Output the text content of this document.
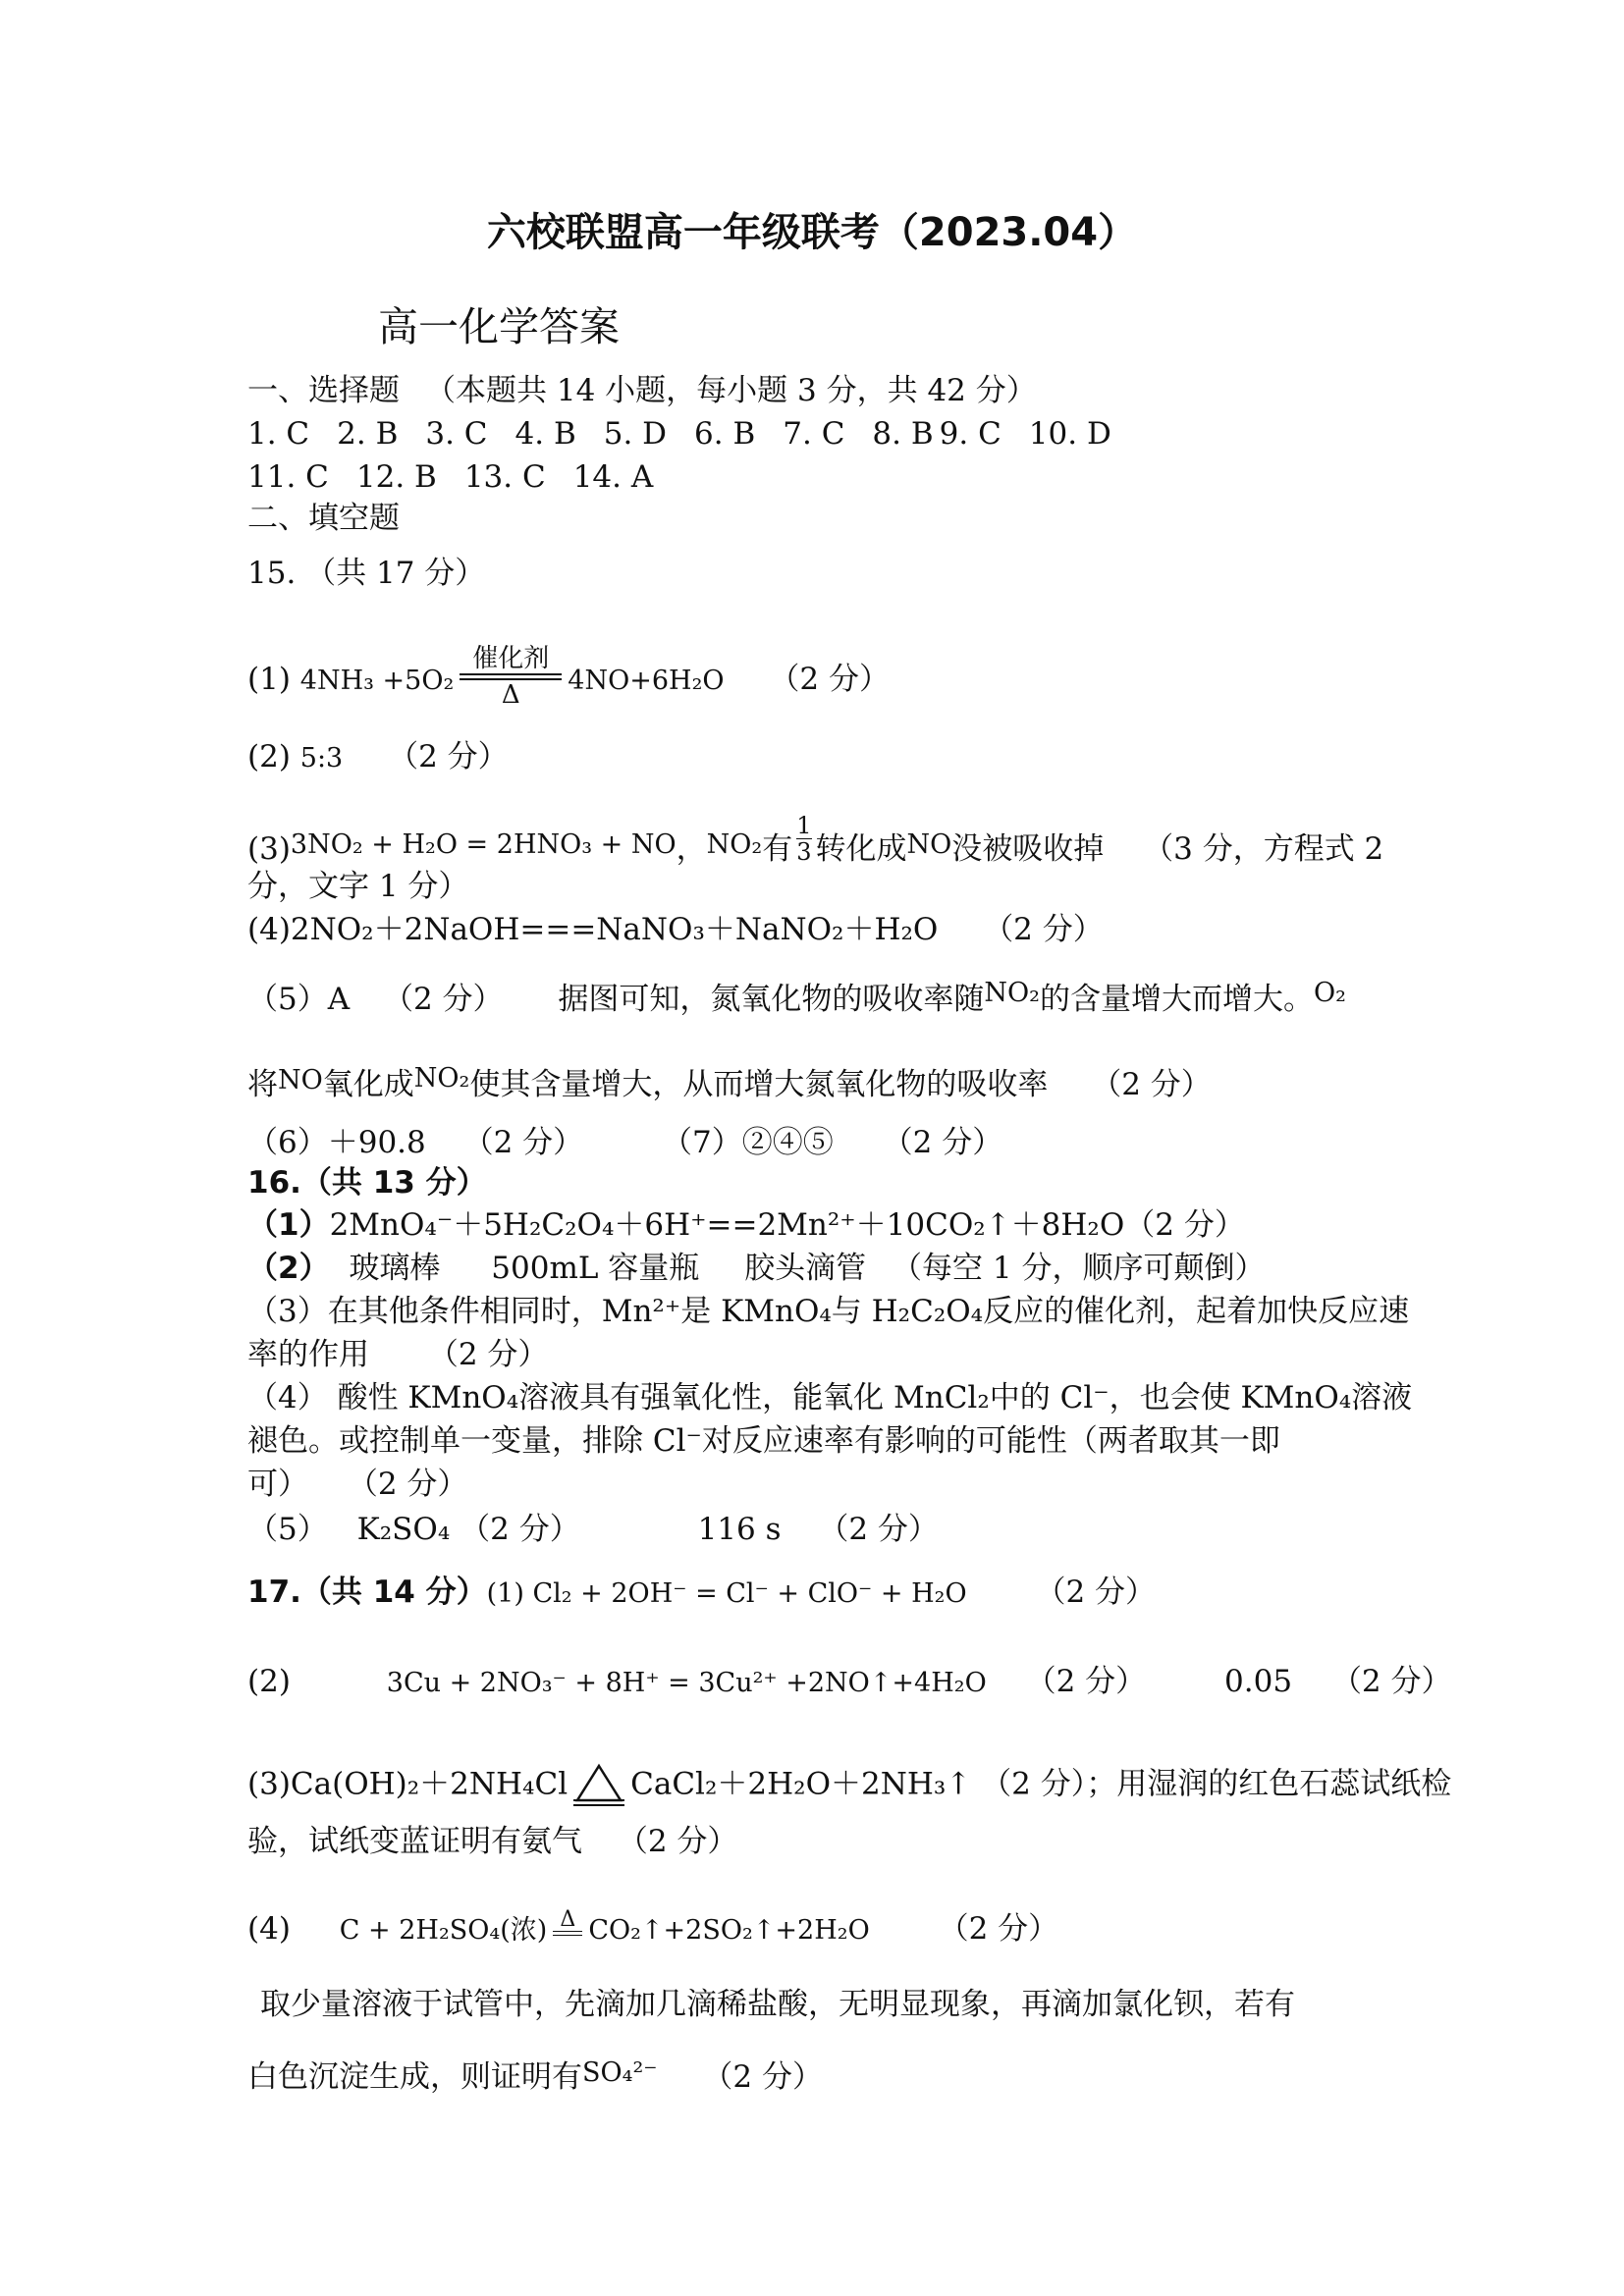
六校联盟高一年级联考（2023.04）
高一化学答案
一、选择题 （本题共 14 小题，每小题 3 分，共 42 分）
1. C 2. B 3. C 4. B 5. D 6. B 7. C 8. B 9. C 10. D
11. C 12. B 13. C 14. A
二、填空题
15. （共 17 分）
(1) 4NH₃ +5O₂
催化剂
Δ	4NO+6H₂O （2 分）
(2) 5:3 （2 分）
(3)3NO₂ + H₂O = 2HNO₃ + NO，NO₂有 $\frac{1}{3}$ 转化成NO没被吸收掉 （3 分，方程式 2
分，文字 1 分）
(4)2NO₂＋2NaOH===NaNO₃＋NaNO₂＋H₂O （2 分）
（5）A （2 分） 据图可知，氮氧化物的吸收率随NO₂的含量增大而增大。O₂
将NO氧化成NO₂使其含量增大，从而增大氮氧化物的吸收率 （2 分）
（6）＋90.8 （2 分）	（7）②④⑤ （2 分）
16.（共 13 分）
（1）2MnO₄⁻＋5H₂C₂O₄＋6H⁺==2Mn²⁺＋10CO₂↑＋8H₂O（2 分）
（2） 玻璃棒 500mL 容量瓶 胶头滴管 （每空 1 分，顺序可颠倒）
（3）在其他条件相同时，Mn²⁺是 KMnO₄与 H₂C₂O₄反应的催化剂，起着加快反应速
率的作用 （2 分）
（4） 酸性 KMnO₄溶液具有强氧化性，能氧化 MnCl₂中的 Cl⁻，也会使 KMnO₄溶液
褪色。或控制单一变量，排除 Cl⁻对反应速率有影响的可能性（两者取其一即
可） （2 分）
（5） K₂SO₄ （2 分）	116 s （2 分）
17.（共 14 分）(1) Cl₂ + 2OH⁻ = Cl⁻ + ClO⁻ + H₂O （2 分）
(2)	3Cu + 2NO₃⁻ + 8H⁺ = 3Cu²⁺ +2NO↑+4H₂O （2 分）	0.05 （2 分）
(3)Ca(OH)₂＋2NH₄Cl CaCl₂＋2H₂O＋2NH₃↑ （2 分）；用湿润的红色石蕊试纸检
验，试纸变蓝证明有氨气 （2 分）
(4) C + 2H₂SO₄(浓) Δ CO₂↑+2SO₂↑+2H₂O （2 分）
取少量溶液于试管中，先滴加几滴稀盐酸，无明显现象，再滴加氯化钡，若有
白色沉淀生成，则证明有SO₄²⁻ （2 分）
